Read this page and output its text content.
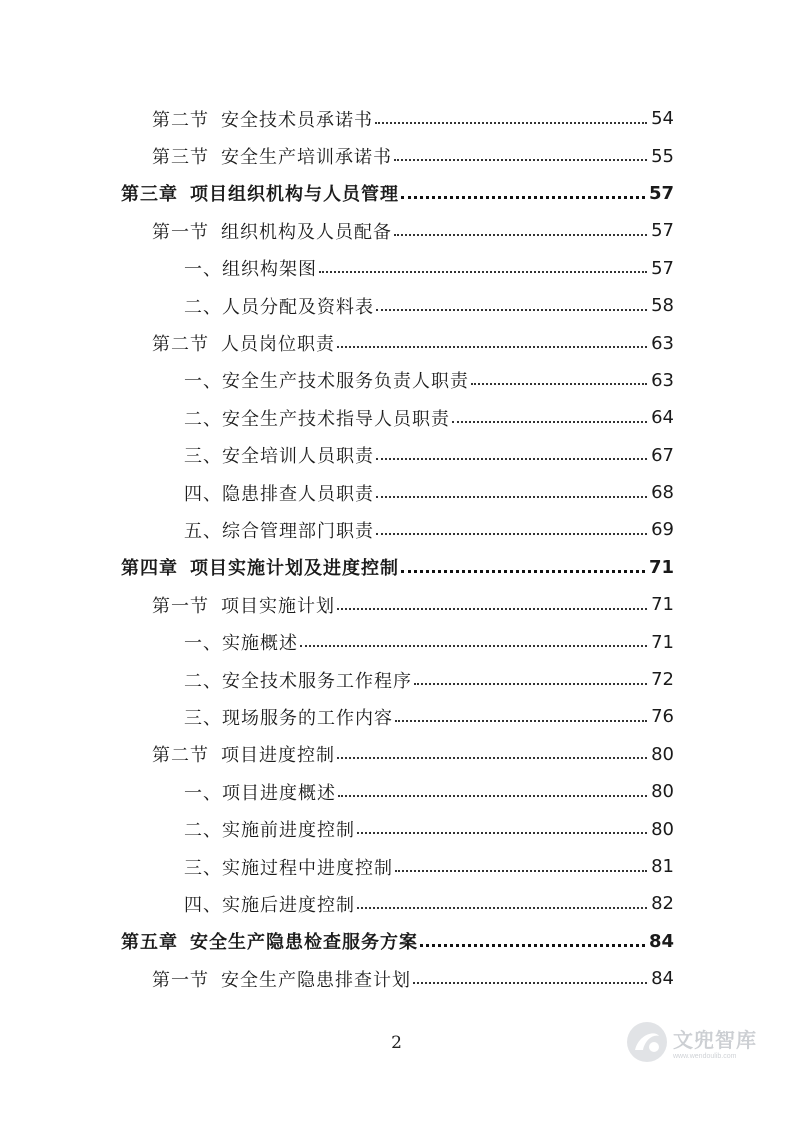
第二节 安全技术员承诺书	54
第三节 安全生产培训承诺书	55
第三章 项目组织机构与人员管理	57
第一节 组织机构及人员配备	57
一、组织构架图	57
二、人员分配及资料表	58
第二节 人员岗位职责	63
一、安全生产技术服务负责人职责	63
二、安全生产技术指导人员职责	64
三、安全培训人员职责	67
四、隐患排查人员职责	68
五、综合管理部门职责	69
第四章 项目实施计划及进度控制	71
第一节 项目实施计划	71
一、实施概述	71
二、安全技术服务工作程序	72
三、现场服务的工作内容	76
第二节 项目进度控制	80
一、项目进度概述	80
二、实施前进度控制	80
三、实施过程中进度控制	81
四、实施后进度控制	82
第五章 安全生产隐患检查服务方案	84
第一节 安全生产隐患排查计划	84
2	文兜智库
www.wendoulib.com
